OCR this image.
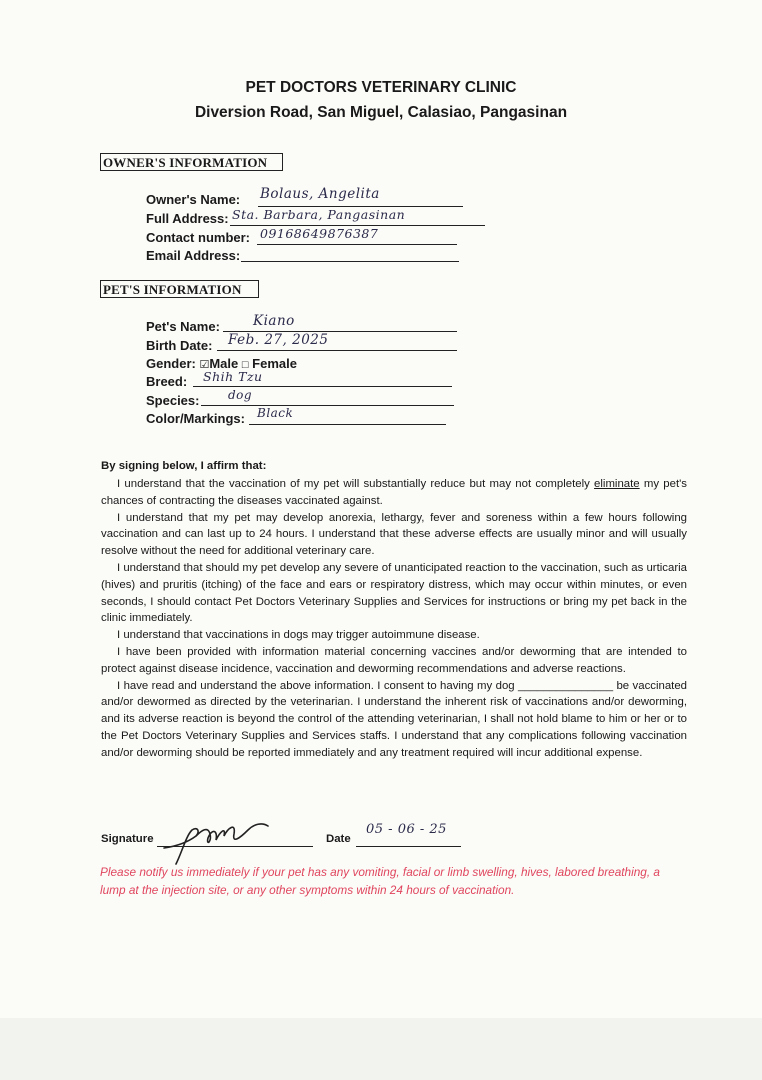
PET DOCTORS VETERINARY CLINIC
Diversion Road, San Miguel, Calasiao, Pangasinan
OWNER'S INFORMATION
Owner's Name: Bolaus, Angelita
Full Address: Sta. Barbara, Pangasinan
Contact number: 09168649876387
Email Address:
PET'S INFORMATION
Pet's Name: Kiano
Birth Date: Feb. 27, 2025
Gender: ☑Male □ Female
Breed: Shih Tzu
Species: dog
Color/Markings: Black
By signing below, I affirm that:

I understand that the vaccination of my pet will substantially reduce but may not completely eliminate my pet's chances of contracting the diseases vaccinated against.

I understand that my pet may develop anorexia, lethargy, fever and soreness within a few hours following vaccination and can last up to 24 hours. I understand that these adverse effects are usually minor and will usually resolve without the need for additional veterinary care.

I understand that should my pet develop any severe of unanticipated reaction to the vaccination, such as urticaria (hives) and pruritis (itching) of the face and ears or respiratory distress, which may occur within minutes, or even seconds, I should contact Pet Doctors Veterinary Supplies and Services for instructions or bring my pet back in the clinic immediately.

I understand that vaccinations in dogs may trigger autoimmune disease.

I have been provided with information material concerning vaccines and/or deworming that are intended to protect against disease incidence, vaccination and deworming recommendations and adverse reactions.

I have read and understand the above information. I consent to having my dog _______________ be vaccinated and/or dewormed as directed by the veterinarian. I understand the inherent risk of vaccinations and/or deworming, and its adverse reaction is beyond the control of the attending veterinarian, I shall not hold blame to him or her or to the Pet Doctors Veterinary Supplies and Services staffs. I understand that any complications following vaccination and/or deworming should be reported immediately and any treatment required will incur additional expense.

Signature	Date
05 - 06 - 25
Please notify us immediately if your pet has any vomiting, facial or limb swelling, hives, labored breathing, a lump at the injection site, or any other symptoms within 24 hours of vaccination.
